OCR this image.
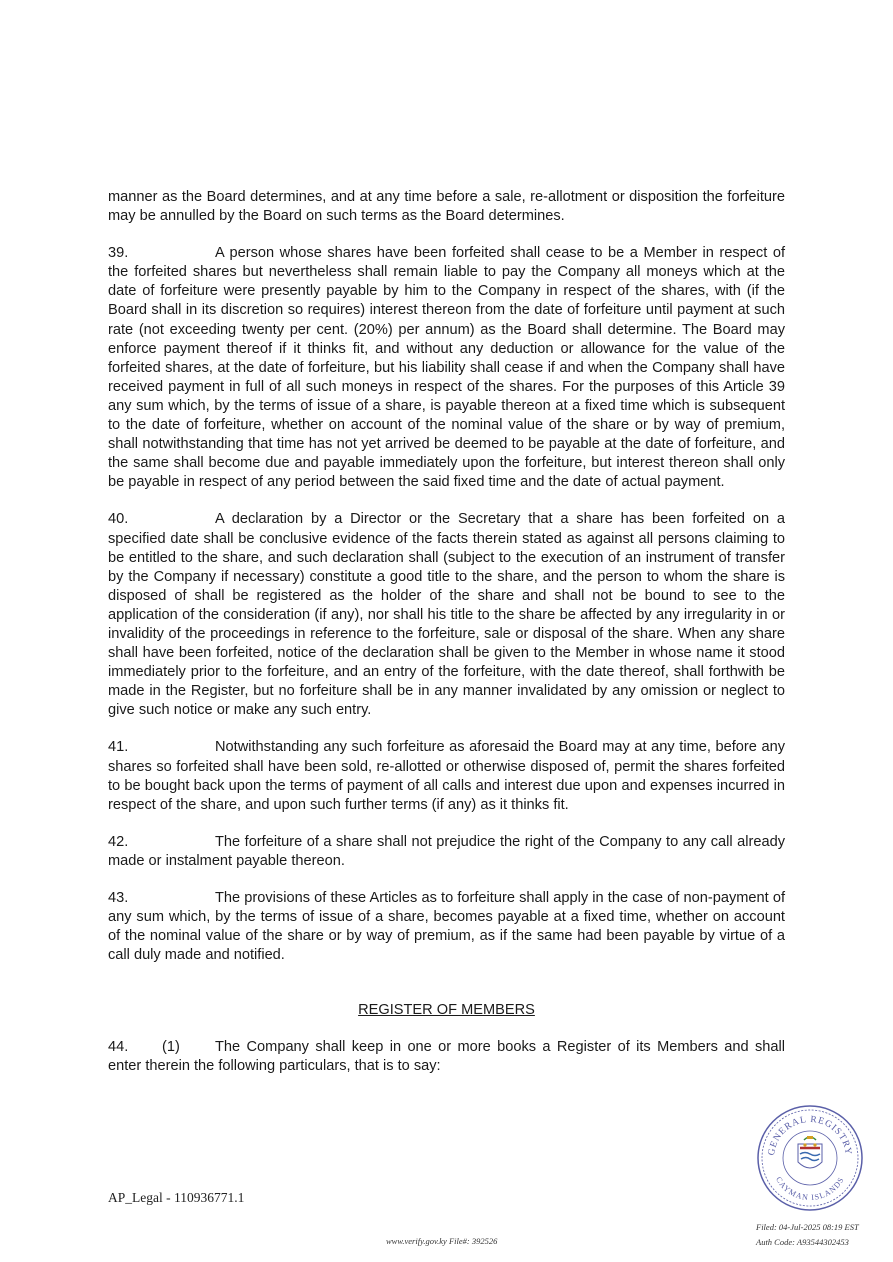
manner as the Board determines, and at any time before a sale, re-allotment or disposition the forfeiture may be annulled by the Board on such terms as the Board determines.

39.	A person whose shares have been forfeited shall cease to be a Member in respect of the forfeited shares but nevertheless shall remain liable to pay the Company all moneys which at the date of forfeiture were presently payable by him to the Company in respect of the shares, with (if the Board shall in its discretion so requires) interest thereon from the date of forfeiture until payment at such rate (not exceeding twenty per cent. (20%) per annum) as the Board shall determine. The Board may enforce payment thereof if it thinks fit, and without any deduction or allowance for the value of the forfeited shares, at the date of forfeiture, but his liability shall cease if and when the Company shall have received payment in full of all such moneys in respect of the shares. For the purposes of this Article 39 any sum which, by the terms of issue of a share, is payable thereon at a fixed time which is subsequent to the date of forfeiture, whether on account of the nominal value of the share or by way of premium, shall notwithstanding that time has not yet arrived be deemed to be payable at the date of forfeiture, and the same shall become due and payable immediately upon the forfeiture, but interest thereon shall only be payable in respect of any period between the said fixed time and the date of actual payment.

40.	A declaration by a Director or the Secretary that a share has been forfeited on a specified date shall be conclusive evidence of the facts therein stated as against all persons claiming to be entitled to the share, and such declaration shall (subject to the execution of an instrument of transfer by the Company if necessary) constitute a good title to the share, and the person to whom the share is disposed of shall be registered as the holder of the share and shall not be bound to see to the application of the consideration (if any), nor shall his title to the share be affected by any irregularity in or invalidity of the proceedings in reference to the forfeiture, sale or disposal of the share. When any share shall have been forfeited, notice of the declaration shall be given to the Member in whose name it stood immediately prior to the forfeiture, and an entry of the forfeiture, with the date thereof, shall forthwith be made in the Register, but no forfeiture shall be in any manner invalidated by any omission or neglect to give such notice or make any such entry.

41.	Notwithstanding any such forfeiture as aforesaid the Board may at any time, before any shares so forfeited shall have been sold, re-allotted or otherwise disposed of, permit the shares forfeited to be bought back upon the terms of payment of all calls and interest due upon and expenses incurred in respect of the share, and upon such further terms (if any) as it thinks fit.

42.	The forfeiture of a share shall not prejudice the right of the Company to any call already made or instalment payable thereon.

43.	The provisions of these Articles as to forfeiture shall apply in the case of non-payment of any sum which, by the terms of issue of a share, becomes payable at a fixed time, whether on account of the nominal value of the share or by way of premium, as if the same had been payable by virtue of a call duly made and notified.

REGISTER OF MEMBERS

44. (1) The Company shall keep in one or more books a Register of its Members and shall enter therein the following particulars, that is to say:

AP_Legal - 110936771.1
GENERAL REGISTRY
CAYMAN ISLANDS
www.verify.gov.ky File#: 392526
Filed: 04-Jul-2025 08:19 EST
Auth Code: A93544302453
